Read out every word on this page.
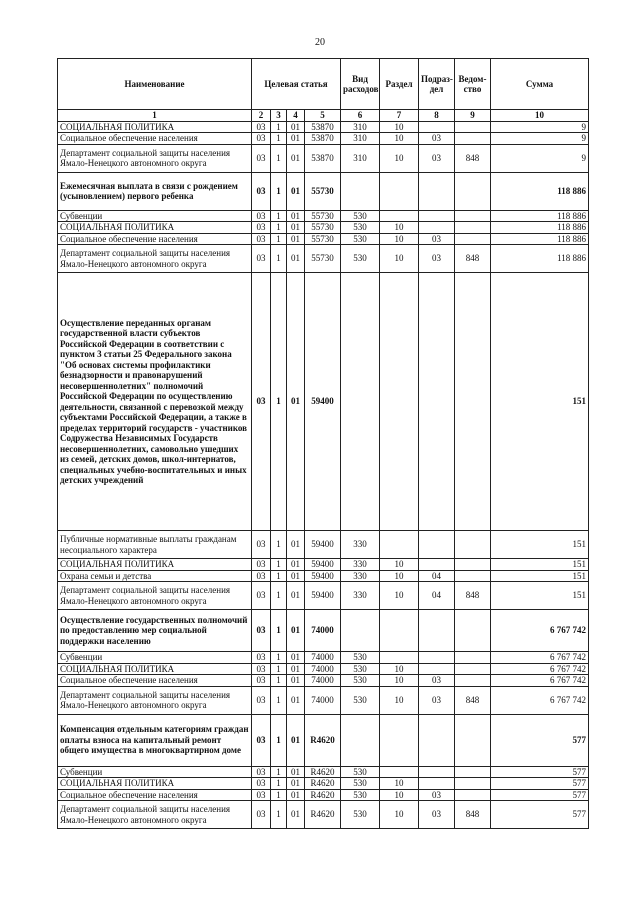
20
Наименование	Целевая статья				Вид расходов	Раздел	Подраз-дел	Ведом-ство	Сумма
1	2	3	4	5	6	7	8	9	10
СОЦИАЛЬНАЯ ПОЛИТИКА	03	1	01	53870	310	10			9
Социальное обеспечение населения	03	1	01	53870	310	10	03		9
Департамент социальной защиты населения Ямало-Ненецкого автономного округа	03	1	01	53870	310	10	03	848	9
Ежемесячная выплата в связи с рождением (усыновлением) первого ребенка	03	1	01	55730					118 886
Субвенции	03	1	01	55730	530				118 886
СОЦИАЛЬНАЯ ПОЛИТИКА	03	1	01	55730	530	10			118 886
Социальное обеспечение населения	03	1	01	55730	530	10	03		118 886
Департамент социальной защиты населения Ямало-Ненецкого автономного округа	03	1	01	55730	530	10	03	848	118 886
Осуществление переданных органам государственной власти субъектов Российской Федерации в соответствии с пунктом 3 статьи 25 Федерального закона "Об основах системы профилактики безнадзорности и правонарушений несовершеннолетних" полномочий Российской Федерации по осуществлению деятельности, связанной с перевозкой между субъектами Российской Федерации, а также в пределах территорий государств - участников Содружества Независимых Государств несовершеннолетних, самовольно ушедших из семей, детских домов, школ-интернатов, специальных учебно-воспитательных и иных детских учреждений	03	1	01	59400					151
Публичные нормативные выплаты гражданам несоциального характера	03	1	01	59400	330				151
СОЦИАЛЬНАЯ ПОЛИТИКА	03	1	01	59400	330	10			151
Охрана семьи и детства	03	1	01	59400	330	10	04		151
Департамент социальной защиты населения Ямало-Ненецкого автономного округа	03	1	01	59400	330	10	04	848	151
Осуществление государственных полномочий по предоставлению мер социальной поддержки населению	03	1	01	74000					6 767 742
Субвенции	03	1	01	74000	530				6 767 742
СОЦИАЛЬНАЯ ПОЛИТИКА	03	1	01	74000	530	10			6 767 742
Социальное обеспечение населения	03	1	01	74000	530	10	03		6 767 742
Департамент социальной защиты населения Ямало-Ненецкого автономного округа	03	1	01	74000	530	10	03	848	6 767 742
Компенсация отдельным категориям граждан оплаты взноса на капитальный ремонт общего имущества в многоквартирном доме	03	1	01	R4620					577
Субвенции	03	1	01	R4620	530				577
СОЦИАЛЬНАЯ ПОЛИТИКА	03	1	01	R4620	530	10			577
Социальное обеспечение населения	03	1	01	R4620	530	10	03		577
Департамент социальной защиты населения Ямало-Ненецкого автономного округа	03	1	01	R4620	530	10	03	848	577
